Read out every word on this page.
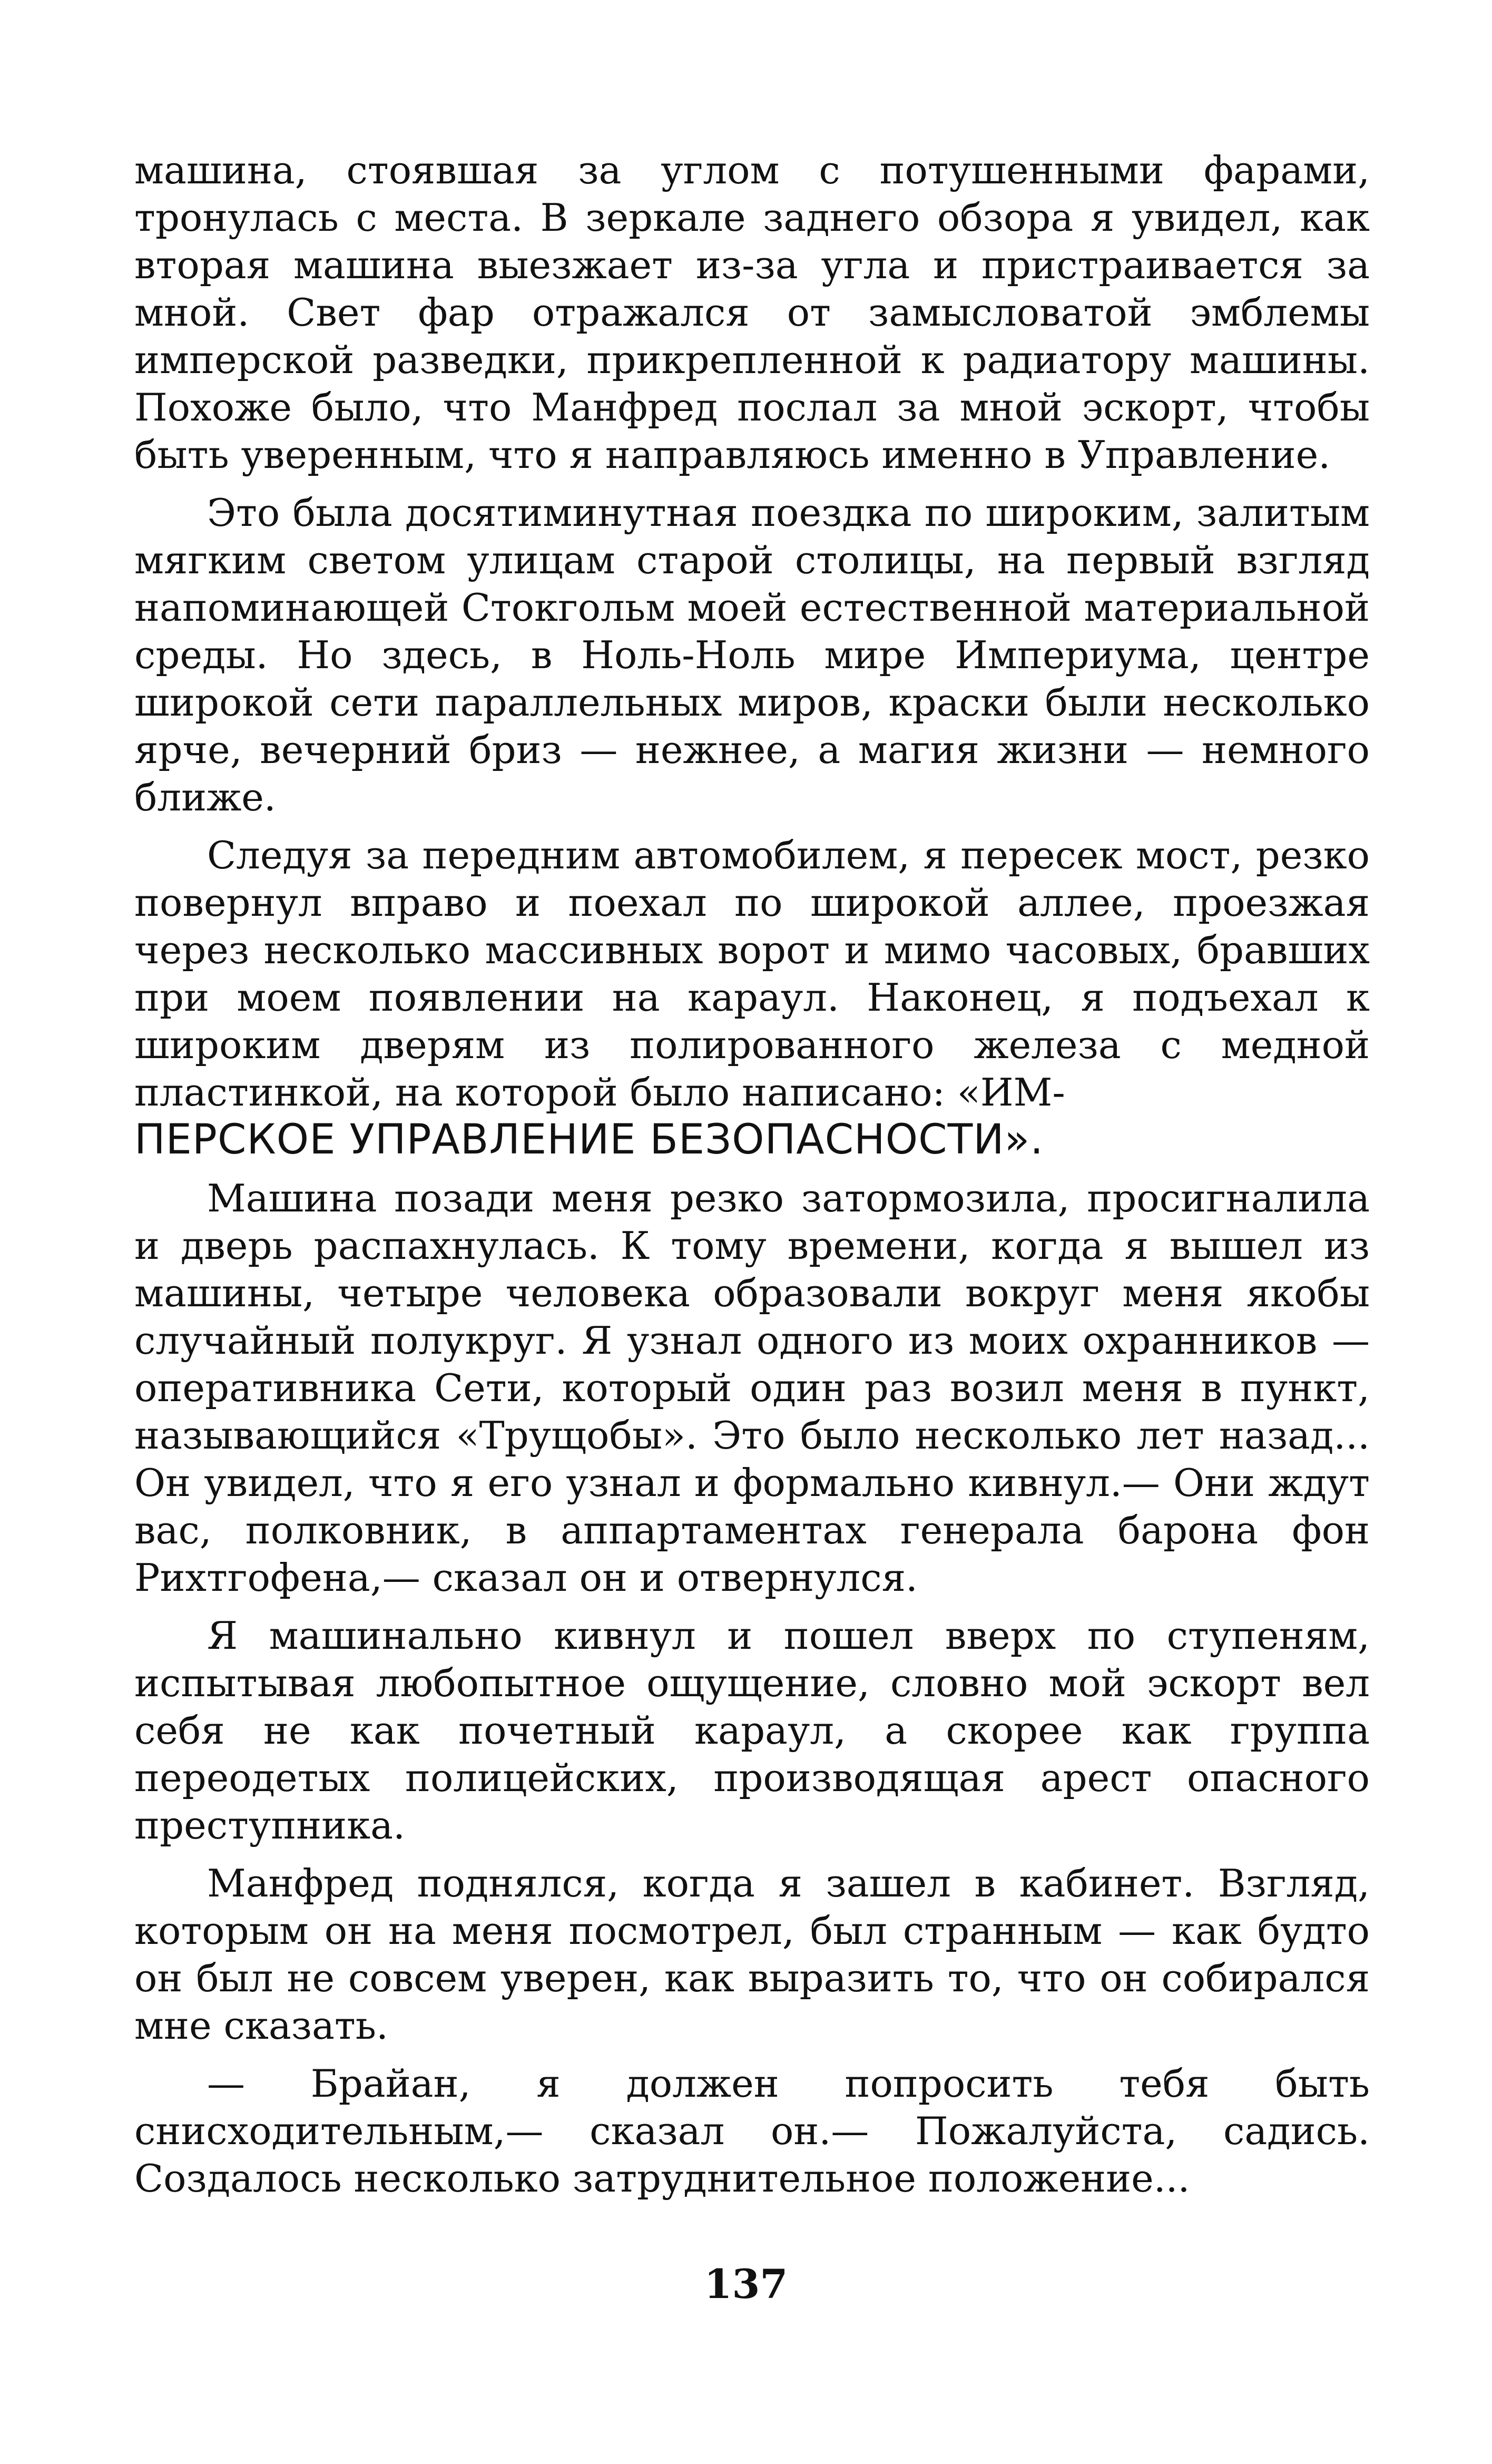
машина, стоявшая за углом с потушенными фарами, тронулась с места. В зеркале заднего обзора я увидел, как вторая машина выезжает из-за угла и пристраивается за мной. Свет фар отражался от замысловатой эмблемы имперской разведки, прикрепленной к радиатору машины. Похоже было, что Манфред послал за мной эскорт, чтобы быть уверенным, что я направляюсь именно в Управление.

Это была досятиминутная поездка по широким, залитым мягким светом улицам старой столицы, на первый взгляд напоминающей Стокгольм моей естественной материальной среды. Но здесь, в Ноль-Ноль мире Империума, центре широкой сети параллельных миров, краски были несколько ярче, вечерний бриз — нежнее, а магия жизни — немного ближе.

Следуя за передним автомобилем, я пересек мост, резко повернул вправо и поехал по широкой аллее, проезжая через несколько массивных ворот и мимо часовых, бравших при моем появлении на караул. Наконец, я подъехал к широким дверям из полированного железа с медной пластинкой, на которой было написано: «ИМ-
ПЕРСКОЕ УПРАВЛЕНИЕ БЕЗОПАСНОСТИ».

Машина позади меня резко затормозила, просигналила и дверь распахнулась. К тому времени, когда я вышел из машины, четыре человека образовали вокруг меня якобы случайный полукруг. Я узнал одного из моих охранников — оперативника Сети, который один раз возил меня в пункт, называющийся «Трущобы». Это было несколько лет назад... Он увидел, что я его узнал и формально кивнул.— Они ждут вас, полковник, в аппартаментах генерала барона фон Рихтгофена,— сказал он и отвернулся.

Я машинально кивнул и пошел вверх по ступеням, испытывая любопытное ощущение, словно мой эскорт вел себя не как почетный караул, а скорее как группа переодетых полицейских, производящая арест опасного преступника.

Манфред поднялся, когда я зашел в кабинет. Взгляд, которым он на меня посмотрел, был странным — как будто он был не совсем уверен, как выразить то, что он собирался мне сказать.

— Брайан, я должен попросить тебя быть снисходительным,— сказал он.— Пожалуйста, садись. Создалось несколько затруднительное положение...

137
